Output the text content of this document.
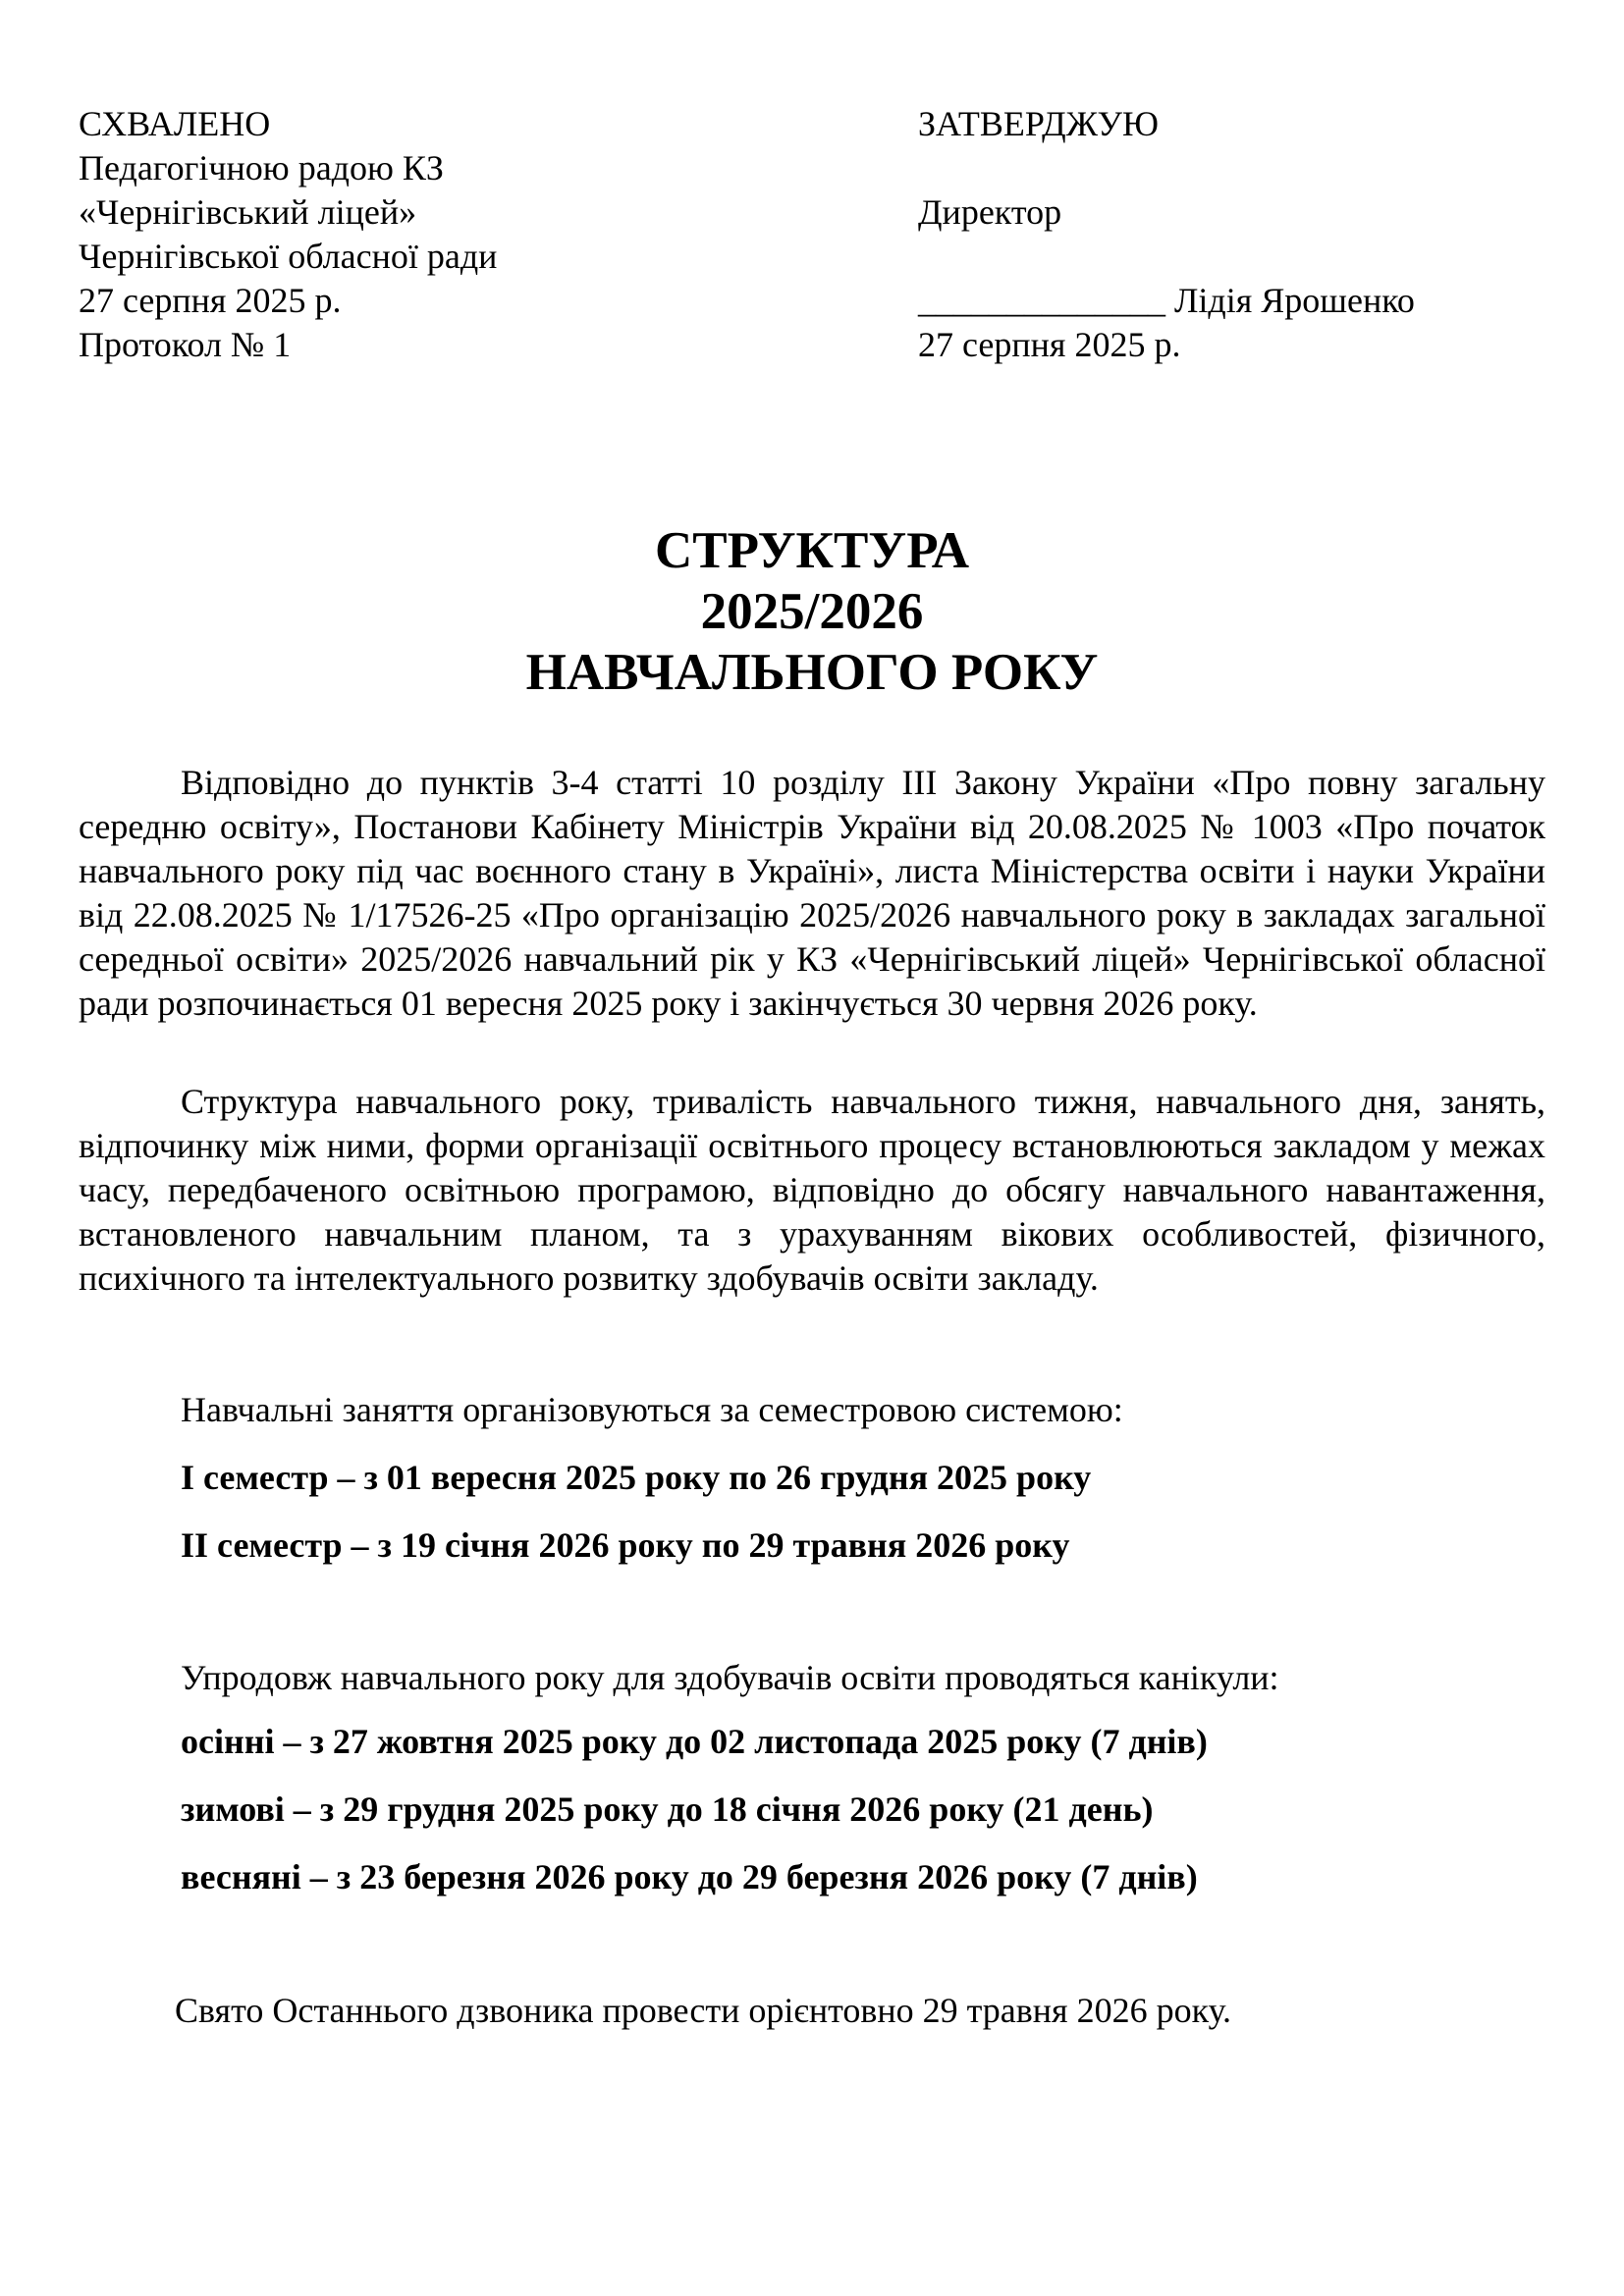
СХВАЛЕНО
Педагогічною радою КЗ
«Чернігівський ліцей»
Чернігівської обласної ради
27 серпня 2025 р.
Протокол № 1
ЗАТВЕРДЖУЮ
Директор
______________ Лідія Ярошенко
27 серпня 2025 р.
СТРУКТУРА
2025/2026
НАВЧАЛЬНОГО РОКУ

Відповідно до пунктів 3-4 статті 10 розділу ІІІ Закону України «Про повну загальну середню освіту», Постанови Кабінету Міністрів України від 20.08.2025 № 1003 «Про початок навчального року під час воєнного стану в Україні», листа Міністерства освіти і науки України від 22.08.2025 № 1/17526-25 «Про організацію 2025/2026 навчального року в закладах загальної середньої освіти» 2025/2026 навчальний рік у КЗ «Чернігівський ліцей» Чернігівської обласної ради розпочинається 01 вересня 2025 року і закінчується 30 червня 2026 року.

Структура навчального року, тривалість навчального тижня, навчального дня, занять, відпочинку між ними, форми організації освітнього процесу встановлюються закладом у межах часу, передбаченого освітньою програмою, відповідно до обсягу навчального навантаження, встановленого навчальним планом, та з урахуванням вікових особливостей, фізичного, психічного та інтелектуального розвитку здобувачів освіти закладу.

Навчальні заняття організовуються за семестровою системою:
І семестр – з 01 вересня 2025 року по 26 грудня 2025 року
ІІ семестр – з 19 січня 2026 року по 29 травня 2026 року
Упродовж навчального року для здобувачів освіти проводяться канікули:
осінні – з 27 жовтня 2025 року до 02 листопада 2025 року (7 днів)
зимові – з 29 грудня 2025 року до 18 січня 2026 року (21 день)
весняні – з 23 березня 2026 року до 29 березня 2026 року (7 днів)
Свято Останнього дзвоника провести орієнтовно 29 травня 2026 року.
